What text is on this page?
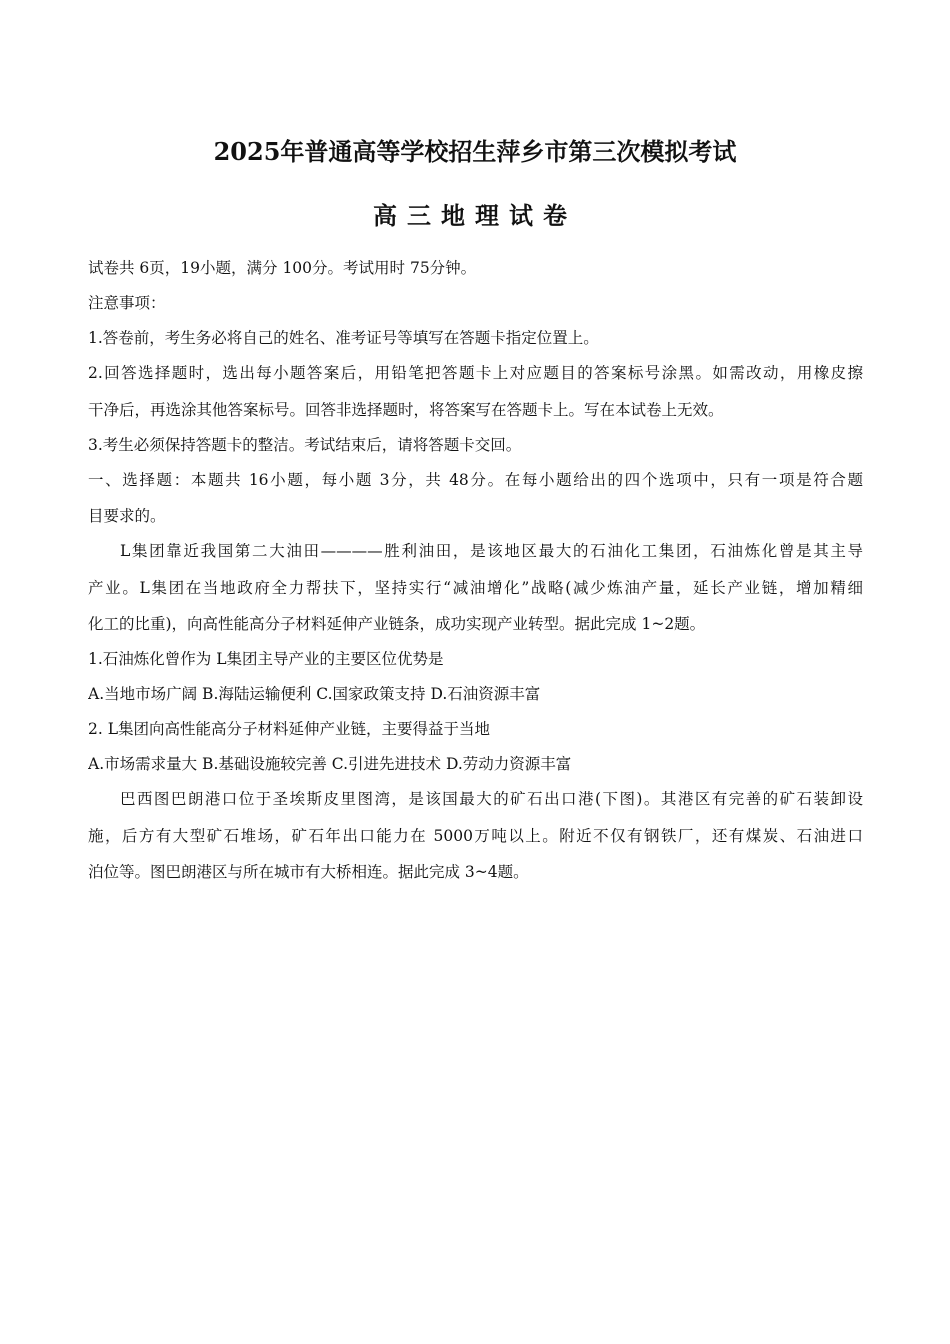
2025年普通高等学校招生萍乡市第三次模拟考试
高三地理试卷
试卷共 6页，19小题，满分 100分。考试用时 75分钟。
注意事项：
1.答卷前，考生务必将自己的姓名、准考证号等填写在答题卡指定位置上。
2.回答选择题时，选出每小题答案后，用铅笔把答题卡上对应题目的答案标号涂黑。如需改动，用橡皮擦
干净后，再选涂其他答案标号。回答非选择题时，将答案写在答题卡上。写在本试卷上无效。
3.考生必须保持答题卡的整洁。考试结束后，请将答题卡交回。
一、选择题：本题共 16小题，每小题 3分，共 48分。在每小题给出的四个选项中，只有一项是符合题
目要求的。
L集团靠近我国第二大油田————胜利油田，是该地区最大的石油化工集团，石油炼化曾是其主导
产业。L集团在当地政府全力帮扶下，坚持实行“减油增化”战略(减少炼油产量，延长产业链，增加精细
化工的比重)，向高性能高分子材料延伸产业链条，成功实现产业转型。据此完成 1~2题。
1.石油炼化曾作为 L集团主导产业的主要区位优势是
A.当地市场广阔 B.海陆运输便利 C.国家政策支持 D.石油资源丰富
2. L集团向高性能高分子材料延伸产业链，主要得益于当地
A.市场需求量大 B.基础设施较完善 C.引进先进技术 D.劳动力资源丰富
巴西图巴朗港口位于圣埃斯皮里图湾，是该国最大的矿石出口港(下图)。其港区有完善的矿石装卸设
施，后方有大型矿石堆场，矿石年出口能力在 5000万吨以上。附近不仅有钢铁厂，还有煤炭、石油进口
泊位等。图巴朗港区与所在城市有大桥相连。据此完成 3~4题。
